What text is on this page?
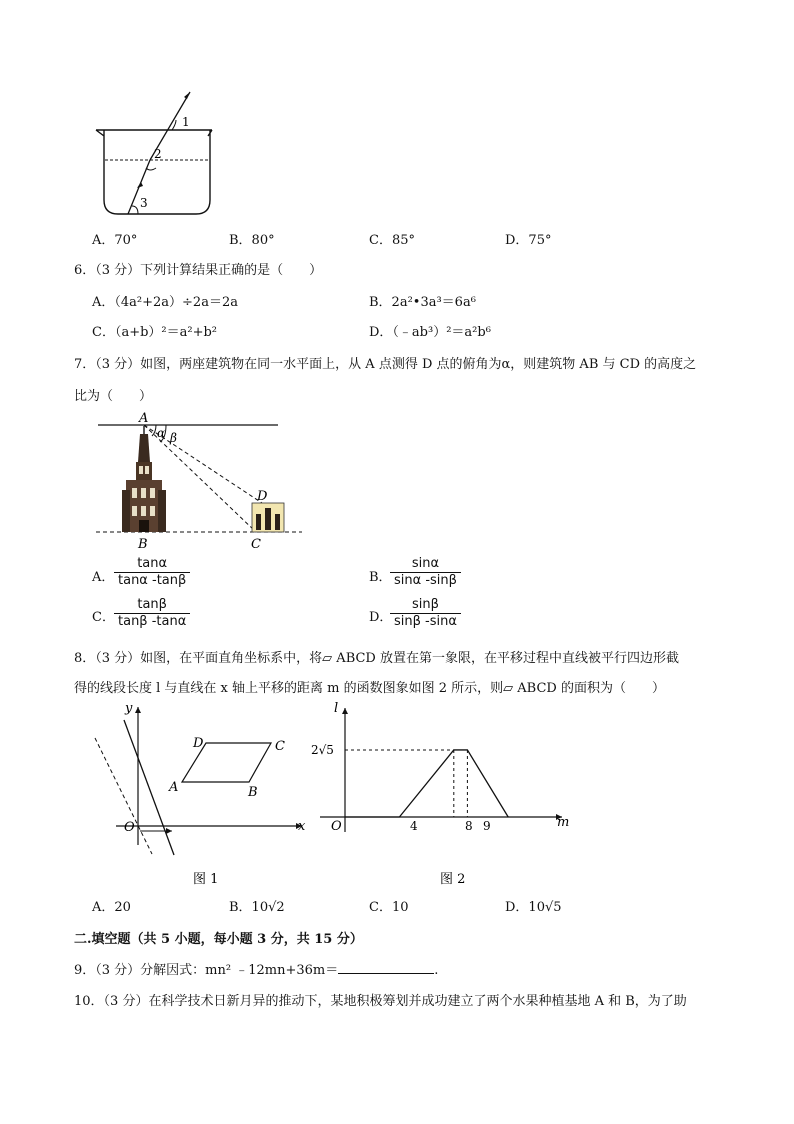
1
2
3
A．70°	B．80°	C．85°	D．75°
6．（3 分）下列计算结果正确的是（　　）
A．（4a²+2a）÷2a＝2a	B．2a²•3a³＝6a⁶
C．（a+b）²＝a²+b²	D．（﹣ab³）²＝a²b⁶
7．（3 分）如图，两座建筑物在同一水平面上，从 A 点测得 D 点的俯角为α，则建筑物 AB 与 CD 的高度之
比为（　　）
A
α β
D
B	C
A． $\frac{\tan\alpha}{\tan\alpha -\tan\beta}$	B．
$\frac{\sin\alpha}{\sin\alpha -\sin\beta}$
C． $\frac{\tan\beta}{\tan\beta -\tan\alpha}$	D．
$\frac{\sin\beta}{\sin\beta -\sin\alpha}$
8．（3 分）如图，在平面直角坐标系中，将▱ ABCD 放置在第一象限，在平移过程中直线被平行四边形截
得的线段长度 l 与直线在 x 轴上平移的距离 m 的函数图象如图 2 所示，则▱ ABCD 的面积为（　　）
y
x
O
A	B
C
D
图 1
l
m
O
2√5
4	8 9
图 2
A．20	B．10√2	C．10	D．10√5
二.填空题（共 5 小题，每小题 3 分，共 15 分）
9．（3 分）分解因式：mn² ﹣12mn+36m＝	.
10．（3 分）在科学技术日新月异的推动下，某地积极筹划并成功建立了两个水果种植基地 A 和 B，为了助
